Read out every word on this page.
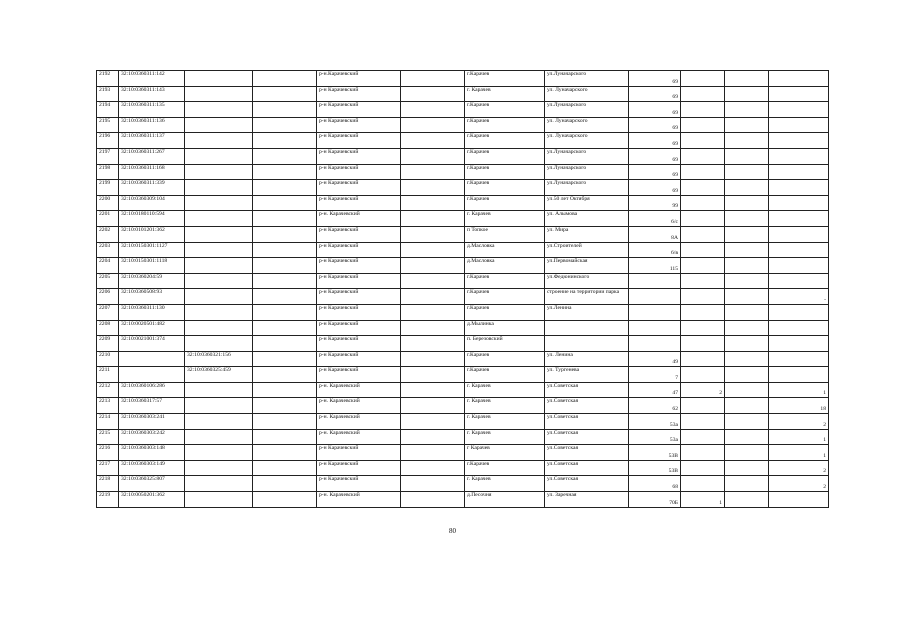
2192	32:10:0360311:142			р-н.Карачевский		г.Карачев	ул.Луначарского	69			
2193	32:10:0360311:143			р-н Карачевский		г. Карачев	ул. Луначарского	69			
2194	32:10:0360311:135			р-н Карачевский		г.Карачев	ул.Луначарского	69			
2195	32:10:0360311:136			р-н Карачевский		г.Карачев	ул. Луначарского	69			
2196	32:10:0360311:137			р-н Карачевский		г.Карачев	ул. Луначарского	69			
2197	32:10:0360311:267			р-н Карачевский		г.Карачев	ул.Луначарского	69			
2198	32:10:0360311:168			р-н Карачевский		г.Карачев	ул.Луначарского	69			
2199	32:10:0360311:339			р-н Карачевский		г.Карачев	ул.Луначарского	69			
2200	32:10:0360309:104			р-н Карачевский		г.Карачев	ул.50 лет Октября	99			
2201	32:10:0180110:594			р-н. Карачевский		г. Карачев	ул. Алымова	6/с			
2202	32:10:0101201:362			р-н Карачевский		п Топкое	ул. Мира	8А			
2203	32:10:0150301:1127			р-н Карачевский		д.Масловка	ул.Строителей	6/в			
2204	32:10:0150301:1118			р-н Карачевский		д.Масловка	ул.Первомайская	115			
2205	32:10:0360204:59			р-н Карачевский		г.Карачев	ул.Федюнинского				
2206	32:10:0360508:93			р-н Карачевский		г.Карачев	строение на территории парка				-
2207	32:10:0360311:130			р-н Карачевский		г.Карачев	ул.Ленина				
2208	32:10:0020501:482			р-н Карачевский		д.Мылинка					
2209	32:10:0021001:374			р-н Карачевский		п. Березовский					
2210		32:10:0360321:156		р-н Карачевский		г.Карачев	ул. Ленина	49			
2211		32:10:0360325:459		р-н Карачевский		г.Карачев	ул. Тургенева	7			
2212	32:10:0360106:286			р-н. Карачевский		г. Карачев	ул.Советская	47	2		1
2213	32:10:0360317:57			р-н. Карачевский		г. Карачев	ул.Советская	62			18
2214	32:10:0360303:241			р-н. Карачевский		г. Карачев	ул.Советская	53а			2
2215	32:10:0360303:242			р-н. Карачевский		г. Карачев	ул.Советская	53а			1
2216	32:10:0360303:148			р-н Карачевский		г Карачев	ул.Советская	53В			1
2217	32:10:0360303:149			р-н Карачевский		г.Карачев	ул.Советская	53В			2
2218	32:10:0360325:807			р-н Карачевский		г. Карачев	ул.Советская	68			2
2219	32:10:0050201:362			р-н. Карачевский		д.Песочня	ул. Заречная	70Б	1		
80
